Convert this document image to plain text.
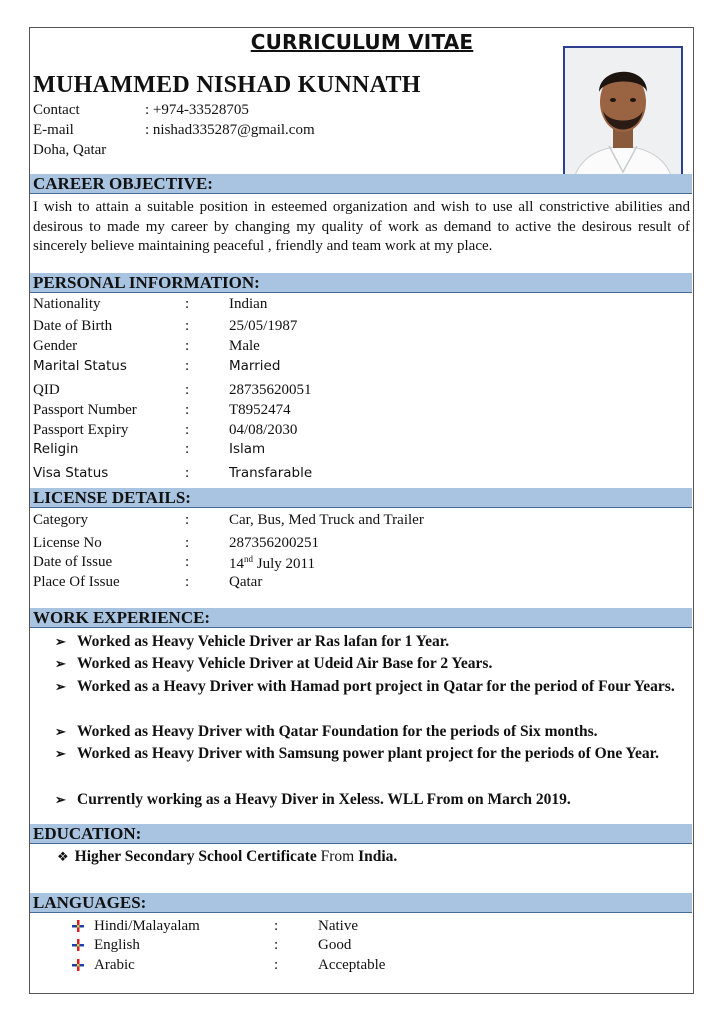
CURRICULUM VITAE
MUHAMMED NISHAD KUNNATH
Contact	: +974-33528705
E-mail	: nishad335287@gmail.com
Doha, Qatar
CAREER OBJECTIVE:
I wish to attain a suitable position in esteemed organization and wish to use all constrictive abilities and desirous to made my career by changing my quality of work as demand to active the desirous result of sincerely believe maintaining peaceful , friendly and team work at my place.
PERSONAL INFORMATION:
Nationality	:	Indian
Date of Birth	:	25/05/1987
Gender	:	Male
Marital Status	:	Married
QID	:	28735620051
Passport Number	:	T8952474
Passport Expiry	:	04/08/2030
Religin	:	Islam
Visa Status	:	Transfarable
LICENSE DETAILS:
Category	:	Car, Bus, Med Truck and Trailer
License No	:	287356200251
Date of Issue	:	14nd July 2011
Place Of Issue	:	Qatar
WORK EXPERIENCE:
➢ Worked as Heavy Vehicle Driver ar Ras lafan for 1 Year.
➢ Worked as Heavy Vehicle Driver at Udeid Air Base for 2 Years.
➢ Worked as a Heavy Driver with Hamad port project in Qatar for the period of Four Years.
➢ Worked as Heavy Driver with Qatar Foundation for the periods of Six months.
➢ Worked as Heavy Driver with Samsung power plant project for the periods of One Year.
➢ Currently working as a Heavy Diver in Xeless. WLL From on March 2019.
EDUCATION:
❖ Higher Secondary School Certificate From India.
LANGUAGES:
Hindi/Malayalam	:	Native
English	:	Good
Arabic	:	Acceptable
